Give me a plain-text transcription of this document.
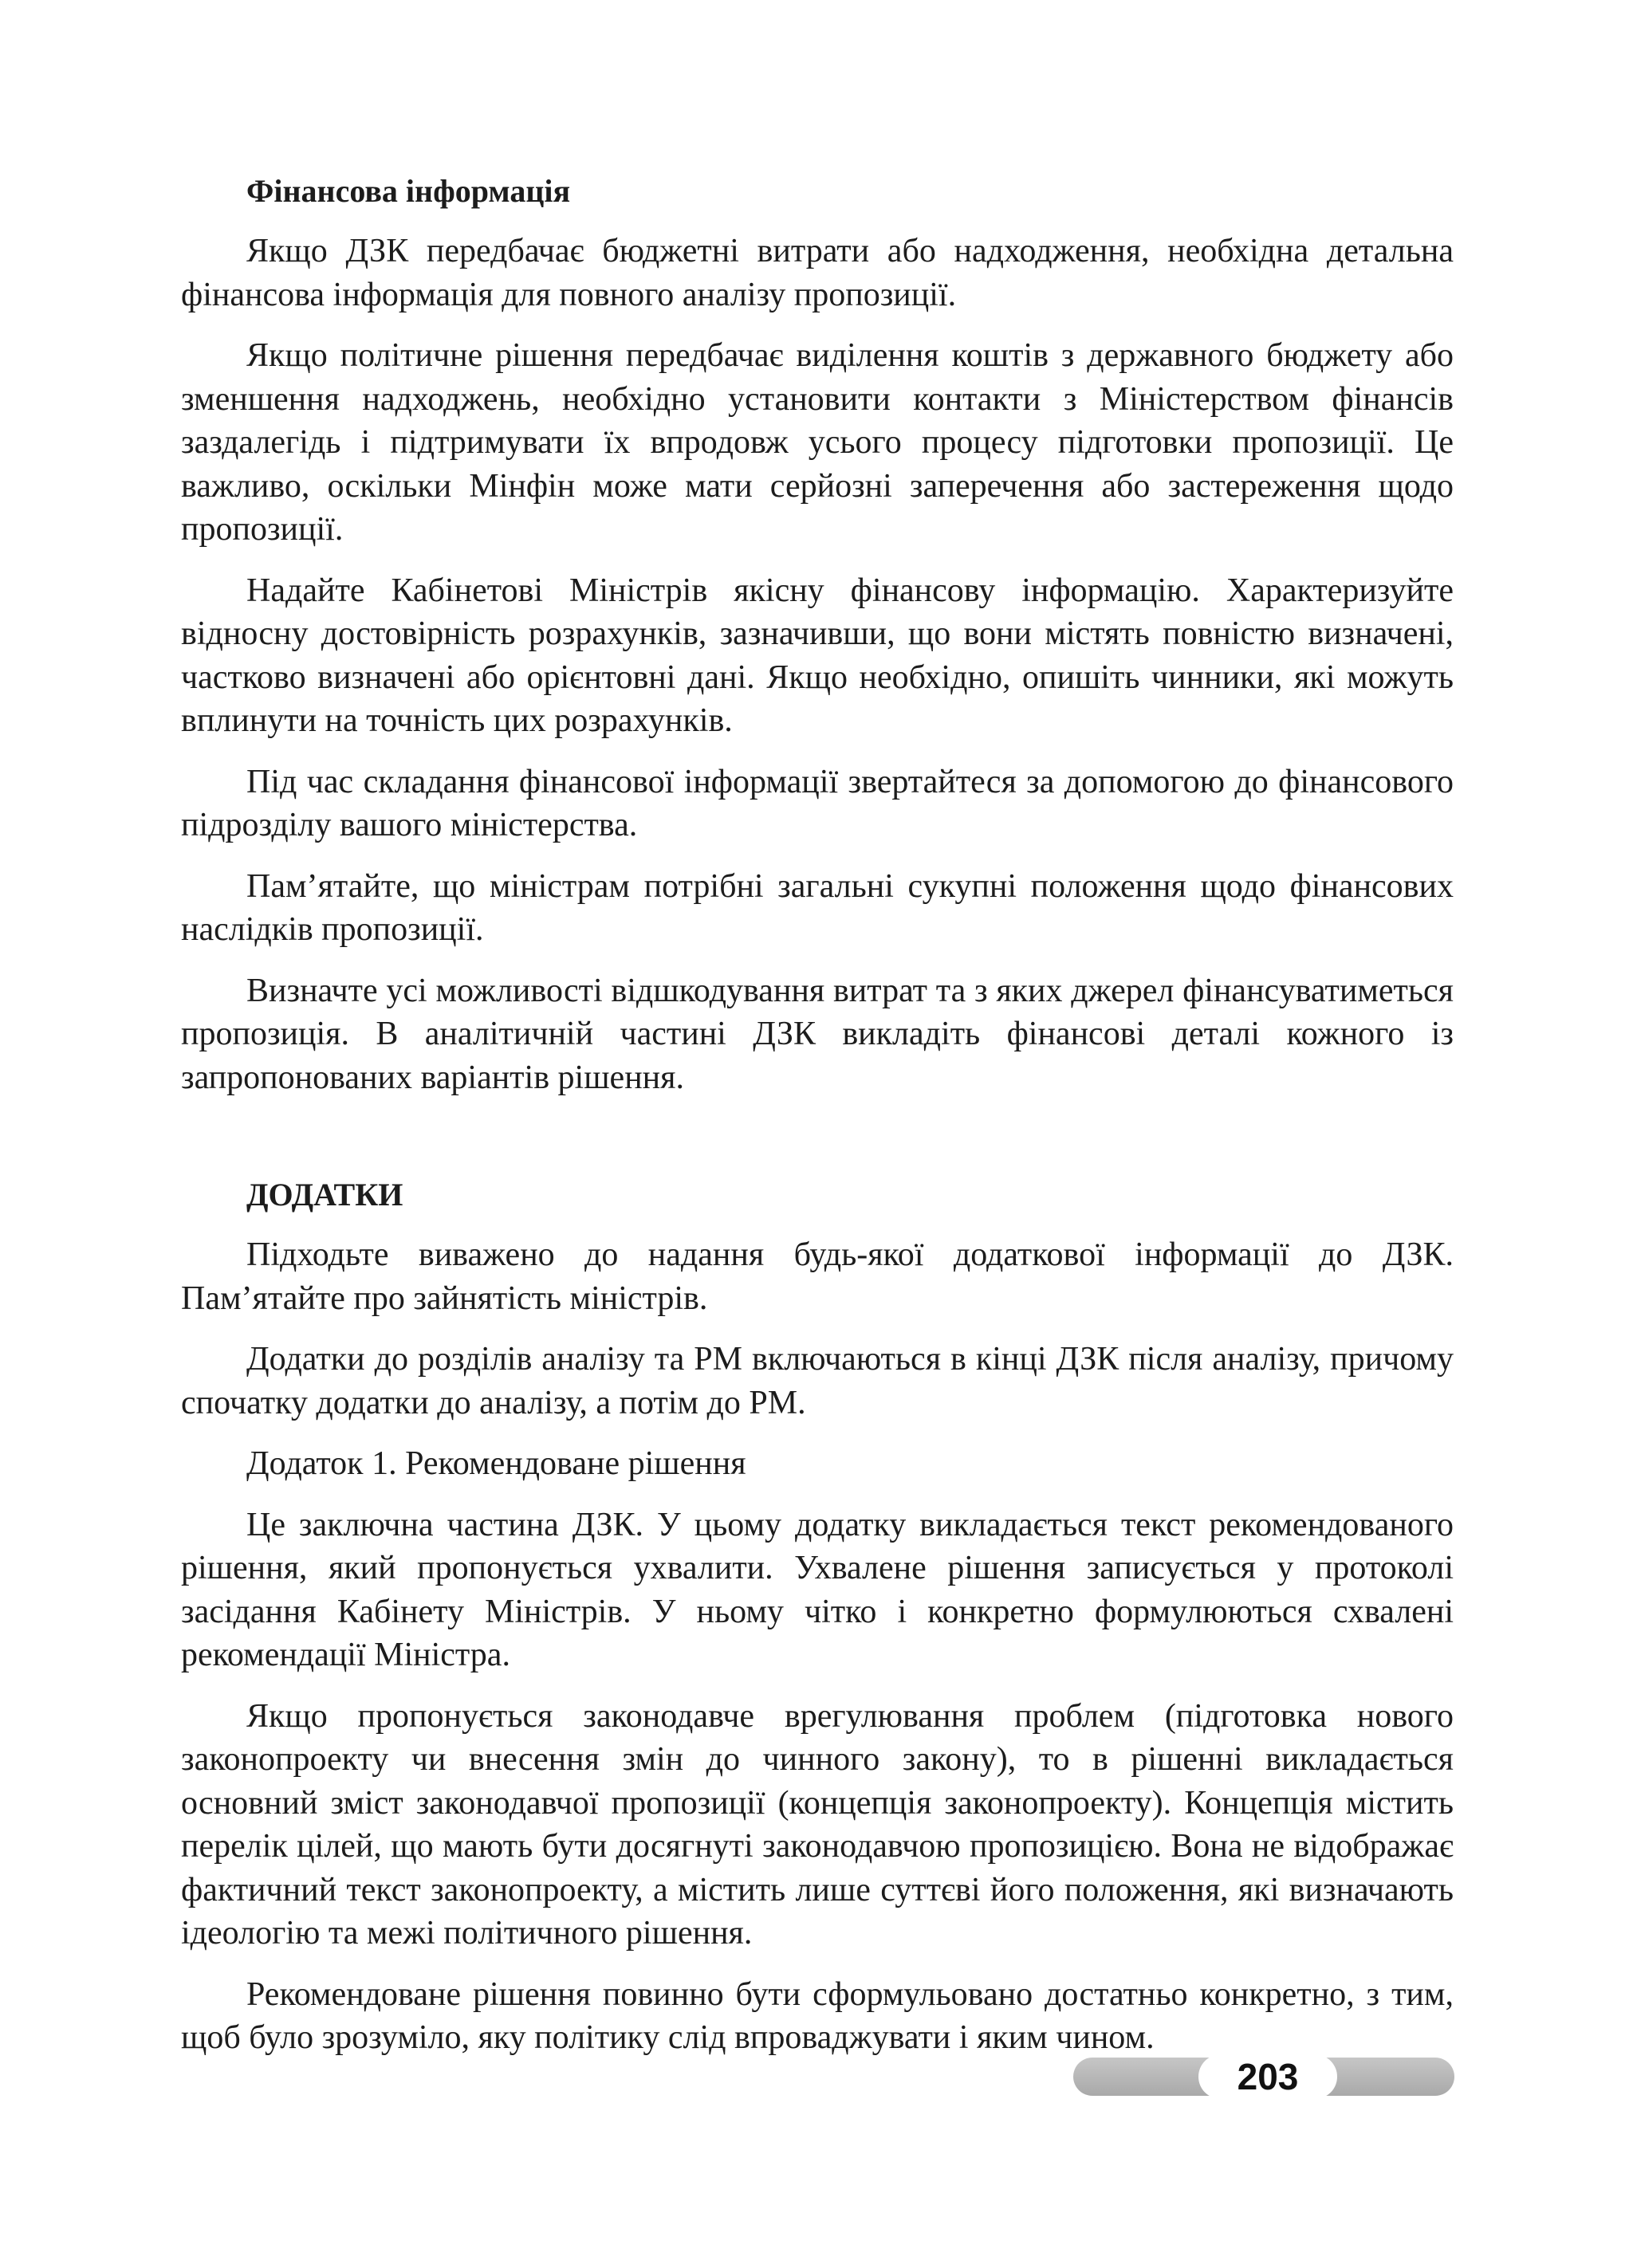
Фінансова інформація

Якщо ДЗК передбачає бюджетні витрати або надходження, необхідна детальна фінансова інформація для повного аналізу пропозиції.

Якщо політичне рішення передбачає виділення коштів з державного бюджету або зменшення надходжень, необхідно установити контакти з Міністерством фінансів заздалегідь і підтримувати їх впродовж усього процесу підготовки пропозиції. Це важливо, оскільки Мінфін може мати серйозні заперечення або застереження щодо пропозиції.

Надайте Кабінетові Міністрів якісну фінансову інформацію. Характеризуйте відносну достовірність розрахунків, зазначивши, що вони містять повністю визначені, частково визначені або орієнтовні дані. Якщо необхідно, опишіть чинники, які можуть вплинути на точність цих розрахунків.

Під час складання фінансової інформації звертайтеся за допомогою до фінансового підрозділу вашого міністерства.

Пам’ятайте, що міністрам потрібні загальні сукупні положення щодо фінансових наслідків пропозиції.

Визначте усі можливості відшкодування витрат та з яких джерел фінансуватиметься пропозиція. В аналітичній частині ДЗК викладіть фінансові деталі кожного із запропонованих варіантів рішення.

ДОДАТКИ

Підходьте виважено до надання будь-якої додаткової інформації до ДЗК. Пам’ятайте про зайнятість міністрів.

Додатки до розділів аналізу та РМ включаються в кінці ДЗК після аналізу, причому спочатку додатки до аналізу, а потім до РМ.

Додаток 1. Рекомендоване рішення

Це заключна частина ДЗК. У цьому додатку викладається текст рекомендованого рішення, який пропонується ухвалити. Ухвалене рішення записується у протоколі засідання Кабінету Міністрів. У ньому чітко і конкретно формулюються схвалені рекомендації Міністра.

Якщо пропонується законодавче врегулювання проблем (підготовка нового законопроекту чи внесення змін до чинного закону), то в рішенні викладається основний зміст законодавчої пропозиції (концепція законопроекту). Концепція містить перелік цілей, що мають бути досягнуті законодавчою пропозицією. Вона не відображає фактичний текст законопроекту, а містить лише суттєві його положення, які визначають ідеологію та межі політичного рішення.

Рекомендоване рішення повинно бути сформульовано достатньо конкретно, з тим, щоб було зрозуміло, яку політику слід впроваджувати і яким чином.

203
